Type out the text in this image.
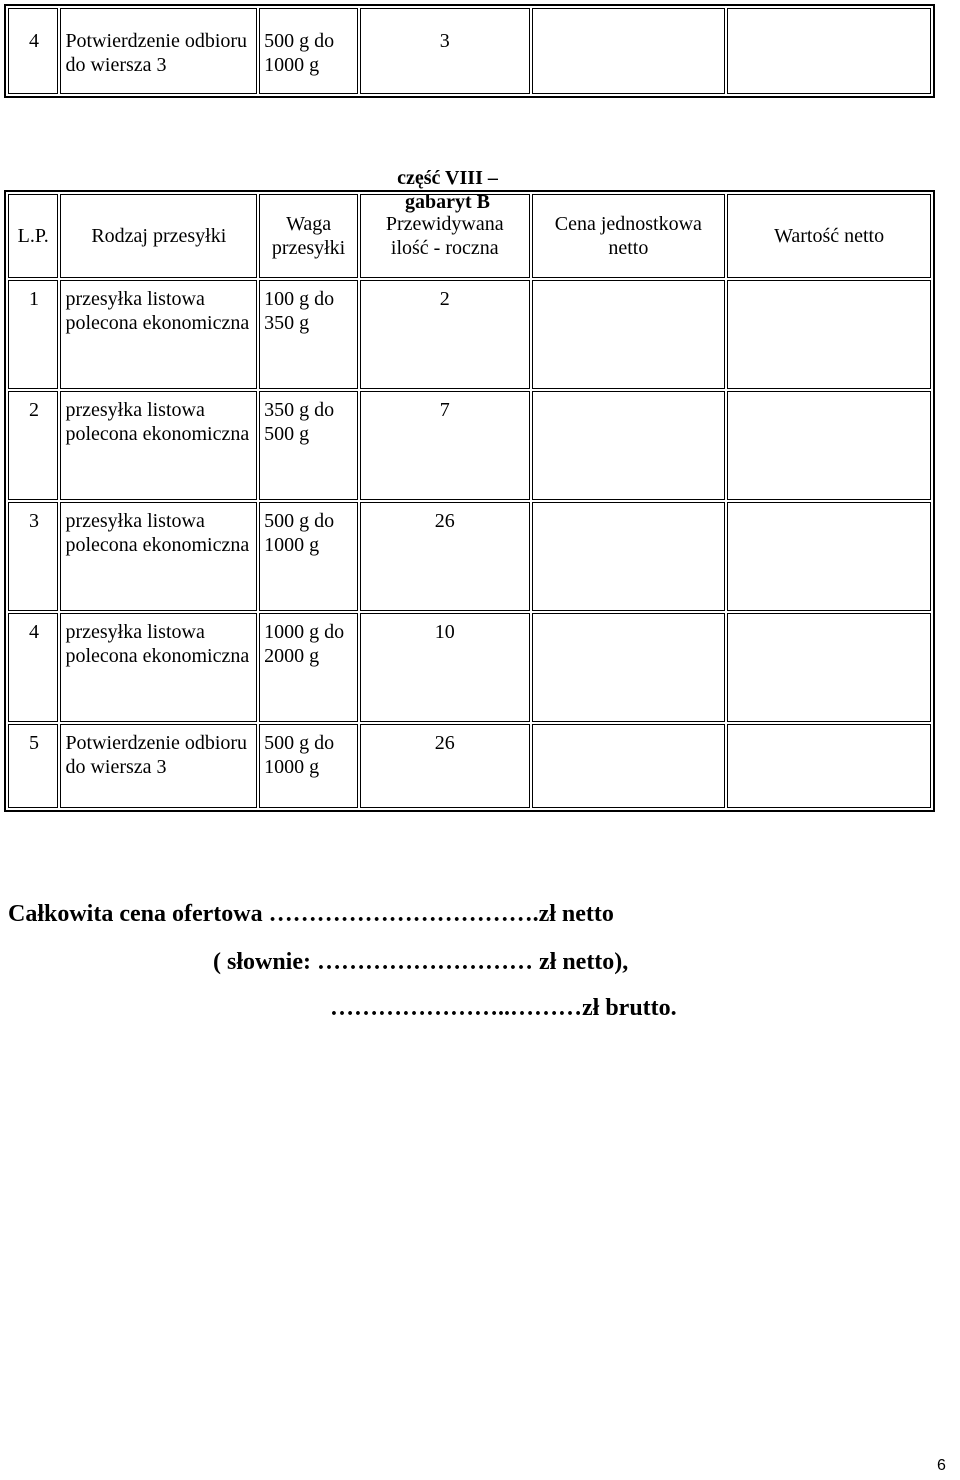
4	Potwierdzenie odbioru do wiersza 3	500 g do 1000 g	3		
część VIII – gabaryt B
L.P.	Rodzaj przesyłki	Waga przesyłki	Przewidywana ilość - roczna	Cena jednostkowa netto	Wartość netto
1	przesyłka listowa polecona ekonomiczna	100 g do 350 g	2		
2	przesyłka listowa polecona ekonomiczna	350 g do 500 g	7		
3	przesyłka listowa polecona ekonomiczna	500 g do 1000 g	26		
4	przesyłka listowa polecona ekonomiczna	1000 g do 2000 g	10		
5	Potwierdzenie odbioru do wiersza 3	500 g do 1000 g	26		
Całkowita cena ofertowa …………………………….zł netto
( słownie: ……………………… zł netto),
…………………..………zł brutto.
6
